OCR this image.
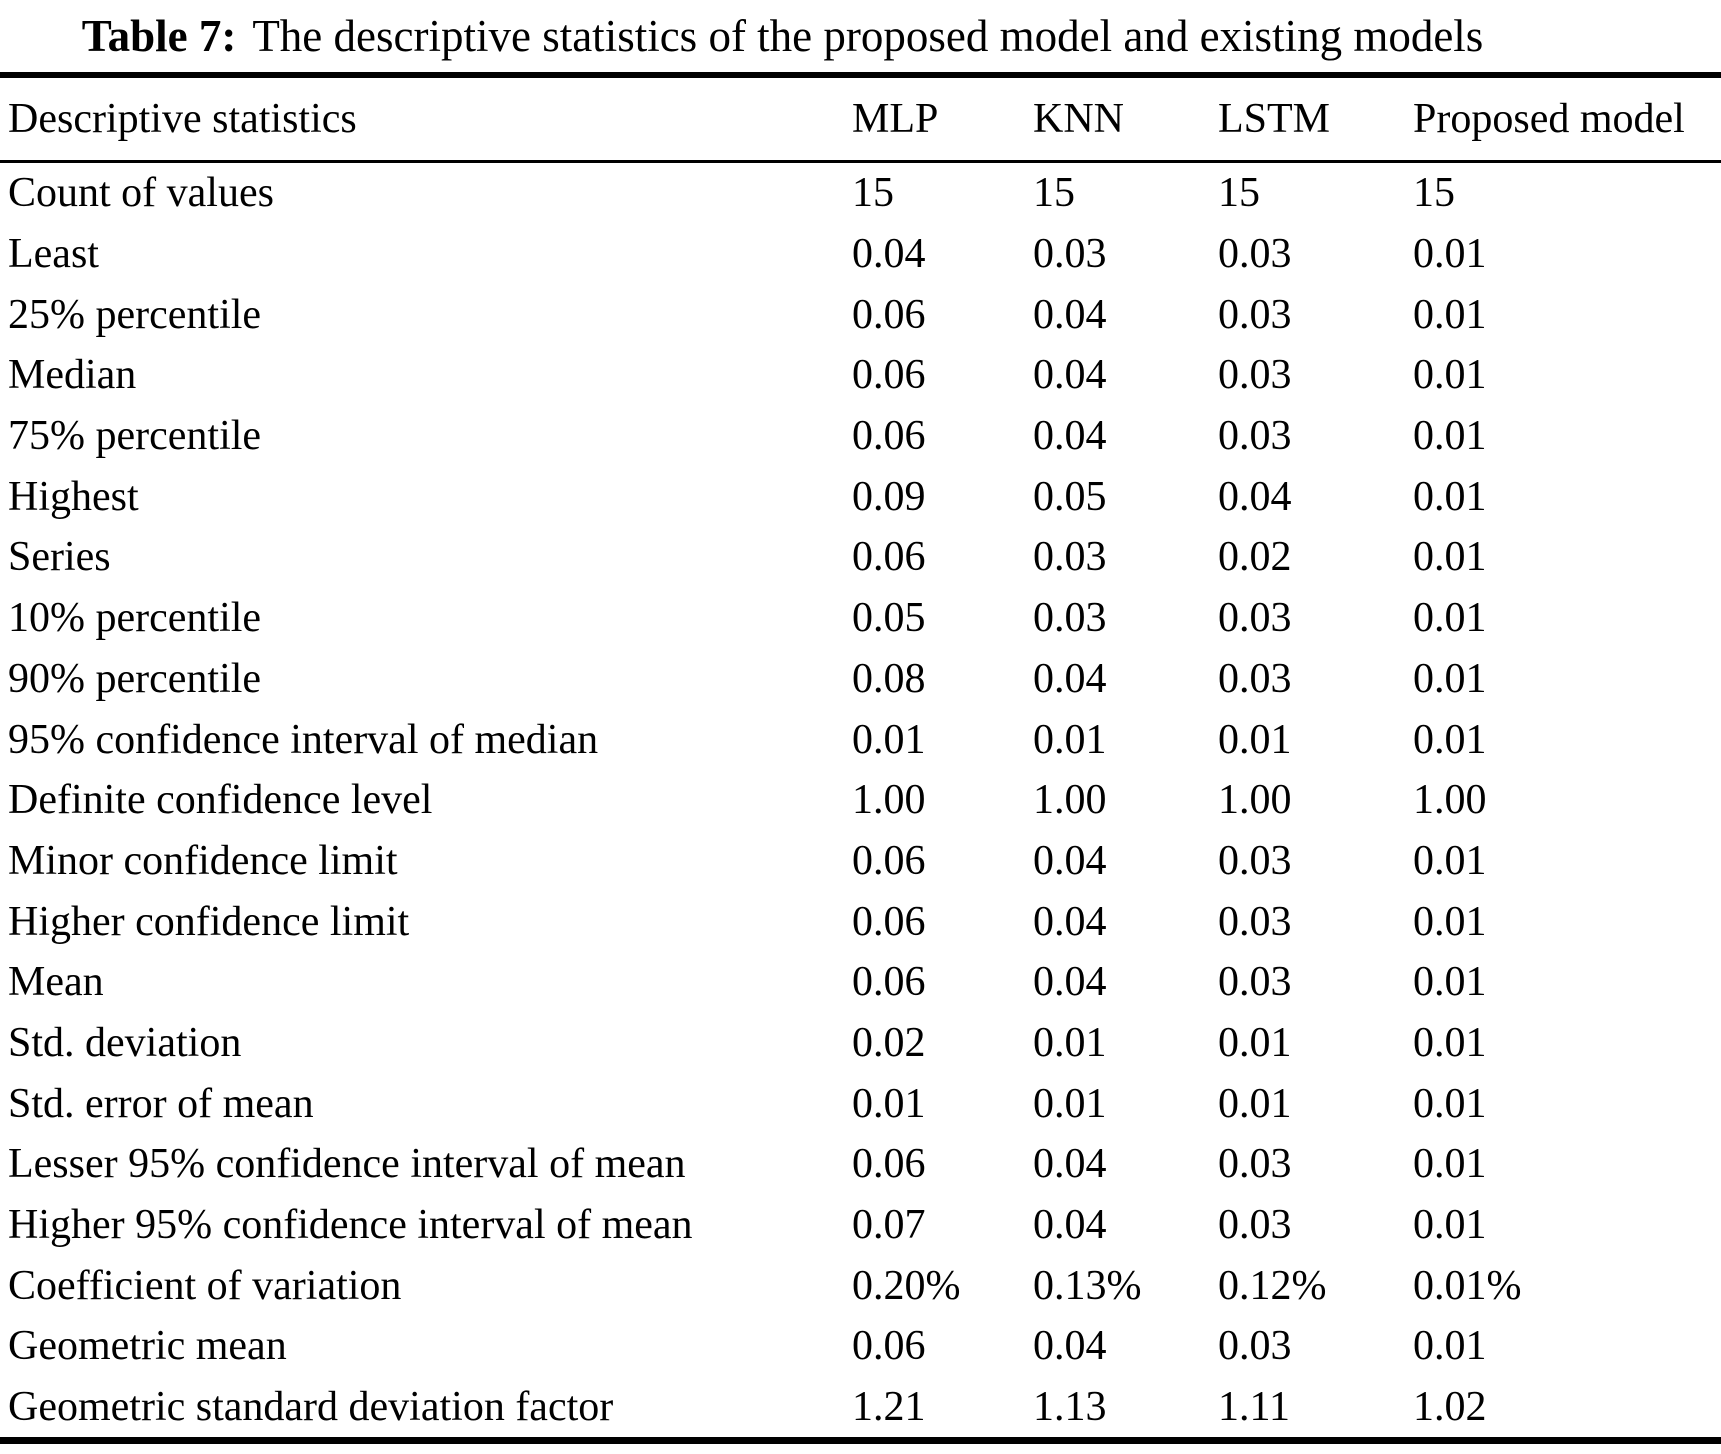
Table 7: The descriptive statistics of the proposed model and existing models
Descriptive statistics	MLP	KNN	LSTM	Proposed model
Count of values	15	15	15	15
Least	0.04	0.03	0.03	0.01
25% percentile	0.06	0.04	0.03	0.01
Median	0.06	0.04	0.03	0.01
75% percentile	0.06	0.04	0.03	0.01
Highest	0.09	0.05	0.04	0.01
Series	0.06	0.03	0.02	0.01
10% percentile	0.05	0.03	0.03	0.01
90% percentile	0.08	0.04	0.03	0.01
95% confidence interval of median	0.01	0.01	0.01	0.01
Definite confidence level	1.00	1.00	1.00	1.00
Minor confidence limit	0.06	0.04	0.03	0.01
Higher confidence limit	0.06	0.04	0.03	0.01
Mean	0.06	0.04	0.03	0.01
Std. deviation	0.02	0.01	0.01	0.01
Std. error of mean	0.01	0.01	0.01	0.01
Lesser 95% confidence interval of mean	0.06	0.04	0.03	0.01
Higher 95% confidence interval of mean	0.07	0.04	0.03	0.01
Coefficient of variation	0.20%	0.13%	0.12%	0.01%
Geometric mean	0.06	0.04	0.03	0.01
Geometric standard deviation factor	1.21	1.13	1.11	1.02
